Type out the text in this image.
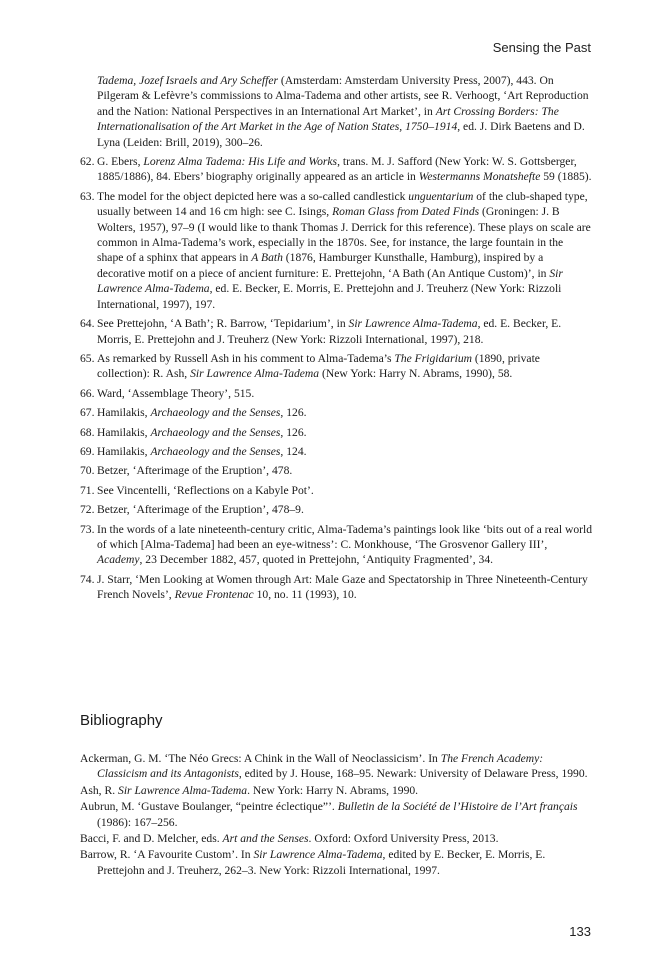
Sensing the Past
Tadema, Jozef Israels and Ary Scheffer (Amsterdam: Amsterdam University Press, 2007), 443. On Pilgeram & Lefèvre’s commissions to Alma-Tadema and other artists, see R. Verhoogt, ‘Art Reproduction and the Nation: National Perspectives in an International Art Market’, in Art Crossing Borders: The Internationalisation of the Art Market in the Age of Nation States, 1750–1914, ed. J. Dirk Baetens and D. Lyna (Leiden: Brill, 2019), 300–26.
62. G. Ebers, Lorenz Alma Tadema: His Life and Works, trans. M. J. Safford (New York: W. S. Gottsberger, 1885/1886), 84. Ebers’ biography originally appeared as an article in Westermanns Monatshefte 59 (1885).
63. The model for the object depicted here was a so-called candlestick unguentarium of the club-shaped type, usually between 14 and 16 cm high: see C. Isings, Roman Glass from Dated Finds (Groningen: J. B Wolters, 1957), 97–9 (I would like to thank Thomas J. Derrick for this reference). These plays on scale are common in Alma-Tadema’s work, especially in the 1870s. See, for instance, the large fountain in the shape of a sphinx that appears in A Bath (1876, Hamburger Kunsthalle, Hamburg), inspired by a decorative motif on a piece of ancient furniture: E. Prettejohn, ‘A Bath (An Antique Custom)’, in Sir Lawrence Alma-Tadema, ed. E. Becker, E. Morris, E. Prettejohn and J. Treuherz (New York: Rizzoli International, 1997), 197.
64. See Prettejohn, ‘A Bath’; R. Barrow, ‘Tepidarium’, in Sir Lawrence Alma-Tadema, ed. E. Becker, E. Morris, E. Prettejohn and J. Treuherz (New York: Rizzoli International, 1997), 218.
65. As remarked by Russell Ash in his comment to Alma-Tadema’s The Frigidarium (1890, private collection): R. Ash, Sir Lawrence Alma-Tadema (New York: Harry N. Abrams, 1990), 58.
66. Ward, ‘Assemblage Theory’, 515.
67. Hamilakis, Archaeology and the Senses, 126.
68. Hamilakis, Archaeology and the Senses, 126.
69. Hamilakis, Archaeology and the Senses, 124.
70. Betzer, ‘Afterimage of the Eruption’, 478.
71. See Vincentelli, ‘Reflections on a Kabyle Pot’.
72. Betzer, ‘Afterimage of the Eruption’, 478–9.
73. In the words of a late nineteenth-century critic, Alma-Tadema’s paintings look like ‘bits out of a real world of which [Alma-Tadema] had been an eye-witness’: C. Monkhouse, ‘The Grosvenor Gallery III’, Academy, 23 December 1882, 457, quoted in Prettejohn, ‘Antiquity Fragmented’, 34.
74. J. Starr, ‘Men Looking at Women through Art: Male Gaze and Spectatorship in Three Nineteenth-Century French Novels’, Revue Frontenac 10, no. 11 (1993), 10.
Bibliography
Ackerman, G. M. ‘The Néo Grecs: A Chink in the Wall of Neoclassicism’. In The French Academy: Classicism and its Antagonists, edited by J. House, 168–95. Newark: University of Delaware Press, 1990.
Ash, R. Sir Lawrence Alma-Tadema. New York: Harry N. Abrams, 1990.
Aubrun, M. ‘Gustave Boulanger, “peintre éclectique”’. Bulletin de la Société de l’Histoire de l’Art français (1986): 167–256.
Bacci, F. and D. Melcher, eds. Art and the Senses. Oxford: Oxford University Press, 2013.
Barrow, R. ‘A Favourite Custom’. In Sir Lawrence Alma-Tadema, edited by E. Becker, E. Morris, E. Prettejohn and J. Treuherz, 262–3. New York: Rizzoli International, 1997.
133
